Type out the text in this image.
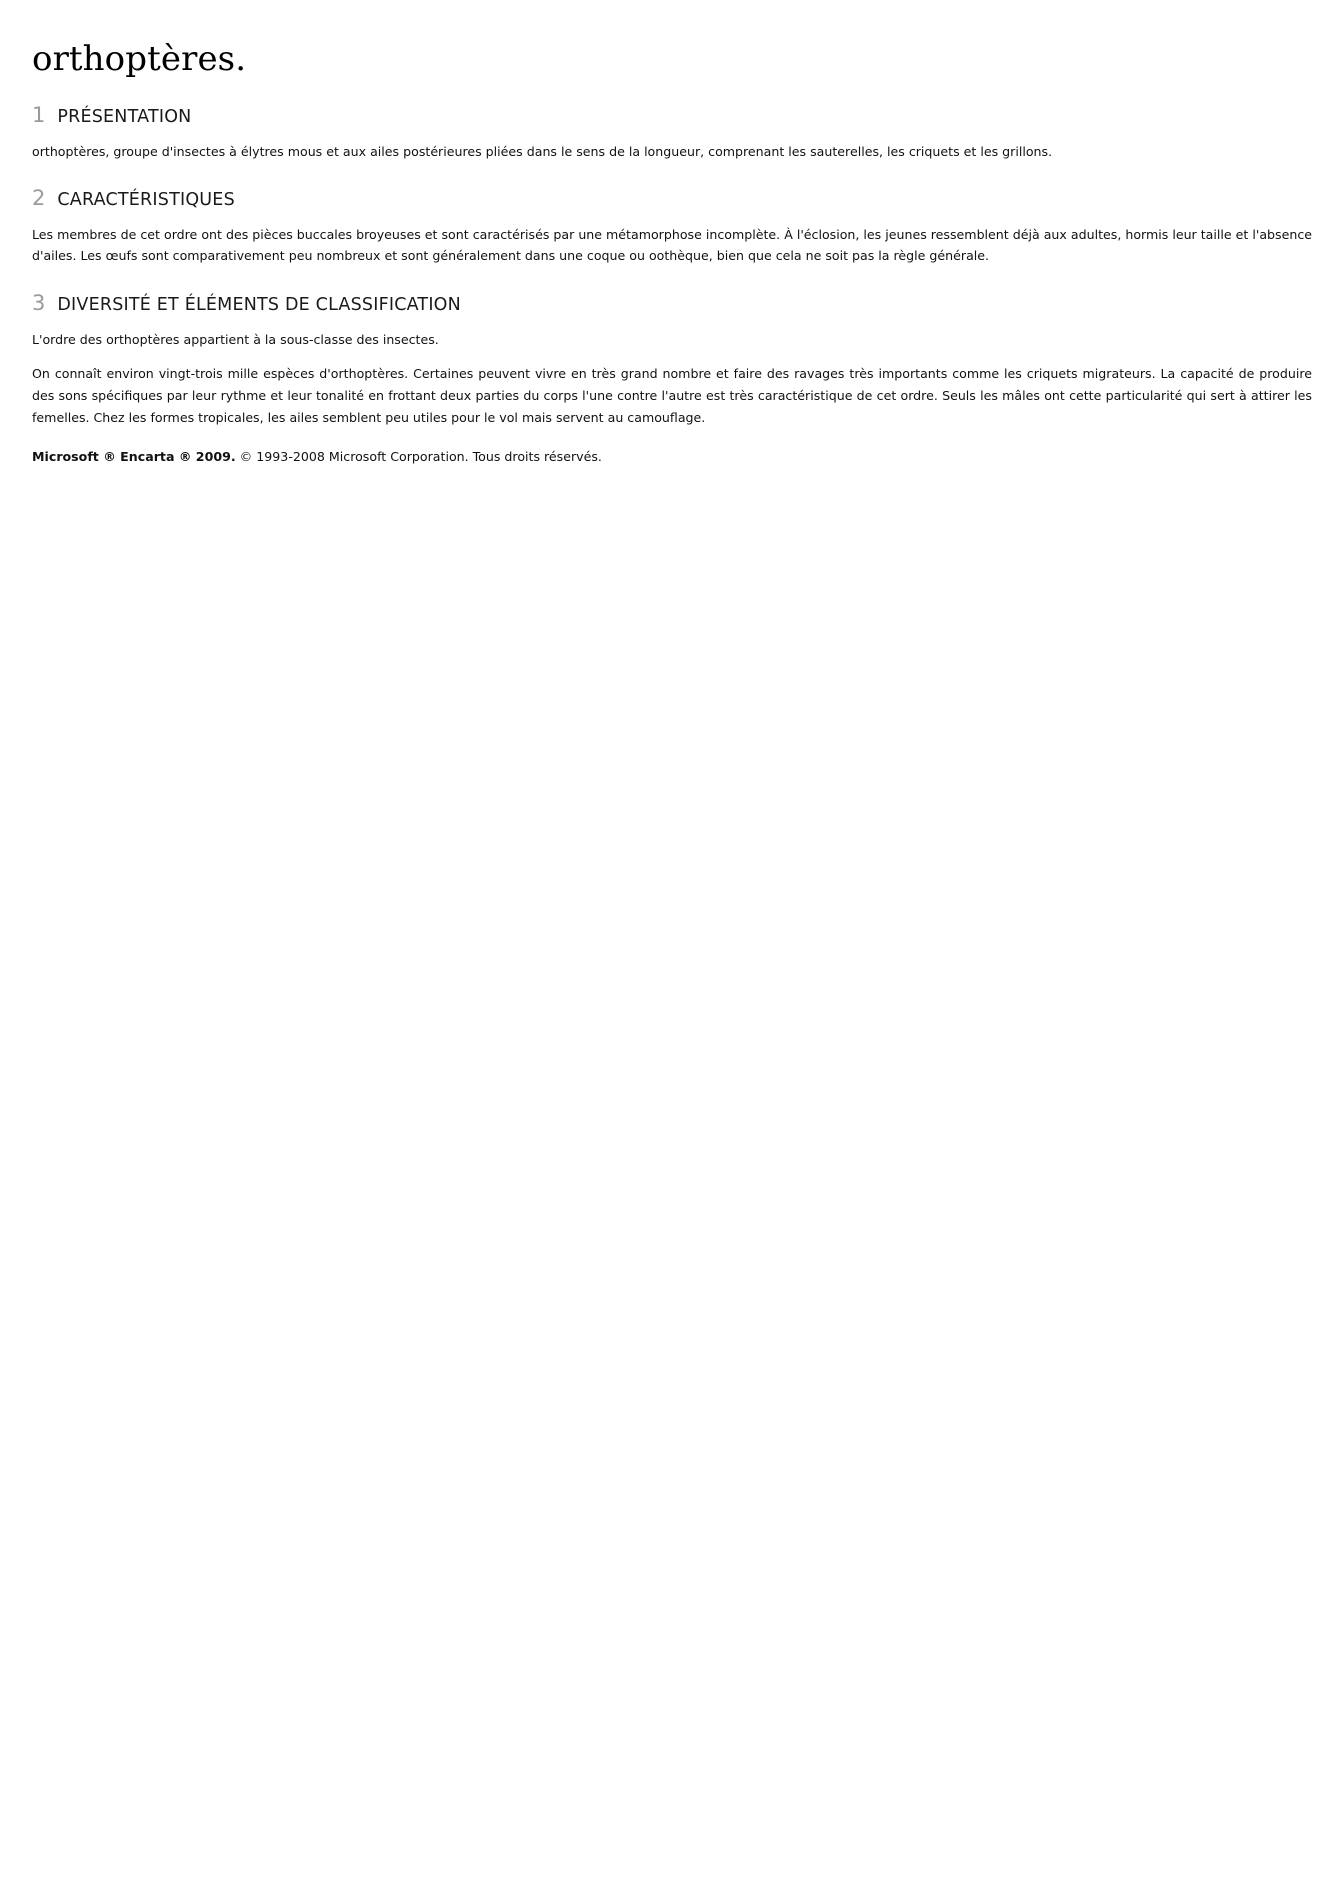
orthoptères.
1 PRÉSENTATION

orthoptères, groupe d'insectes à élytres mous et aux ailes postérieures pliées dans le sens de la longueur, comprenant les sauterelles, les criquets et les grillons.

2 CARACTÉRISTIQUES

Les membres de cet ordre ont des pièces buccales broyeuses et sont caractérisés par une métamorphose incomplète. À l'éclosion, les jeunes ressemblent déjà aux adultes, hormis leur taille et l'absence d'ailes. Les œufs sont comparativement peu nombreux et sont généralement dans une coque ou oothèque, bien que cela ne soit pas la règle générale.

3 DIVERSITÉ ET ÉLÉMENTS DE CLASSIFICATION

L'ordre des orthoptères appartient à la sous-classe des insectes.

On connaît environ vingt-trois mille espèces d'orthoptères. Certaines peuvent vivre en très grand nombre et faire des ravages très importants comme les criquets migrateurs. La capacité de produire des sons spécifiques par leur rythme et leur tonalité en frottant deux parties du corps l'une contre l'autre est très caractéristique de cet ordre. Seuls les mâles ont cette particularité qui sert à attirer les femelles. Chez les formes tropicales, les ailes semblent peu utiles pour le vol mais servent au camouflage.

Microsoft ® Encarta ® 2009. © 1993-2008 Microsoft Corporation. Tous droits réservés.
